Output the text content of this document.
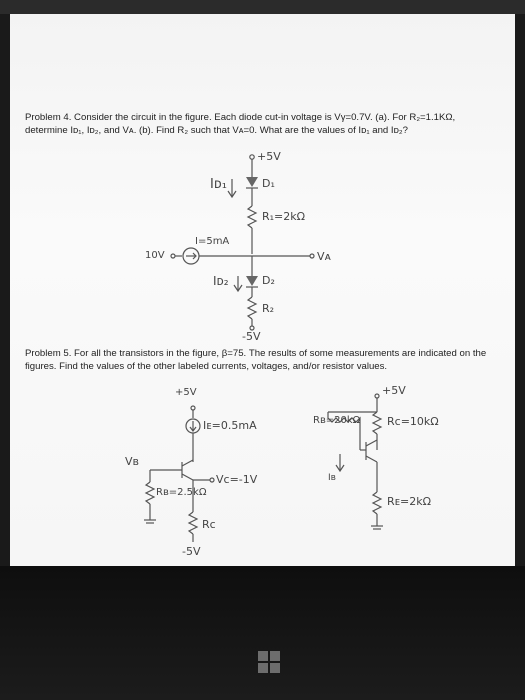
Problem 4. Consider the circuit in the figure. Each diode cut-in voltage is Vγ=0.7V. (a). For R₂=1.1KΩ, determine Iᴅ₁, Iᴅ₂, and Vᴀ. (b). Find R₂ such that Vᴀ=0. What are the values of Iᴅ₁ and Iᴅ₂?
Problem 5. For all the transistors in the figure, β=75. The results of some measurements are indicated on the figures. Find the values of the other labeled currents, voltages, and/or resistor values.
+5V
Iᴅ₁	D₁
R₁=2kΩ
I=5mA
10V	Vᴀ
Iᴅ₂	D₂
R₂
-5V
+5V
Iᴇ=0.5mA
Vʙ
Vᴄ=-1V
Rʙ=2.5kΩ
Rᴄ
-5V
+5V
Rʙ=20kΩ Rᴄ=10kΩ
Iʙ
Rᴇ=2kΩ
